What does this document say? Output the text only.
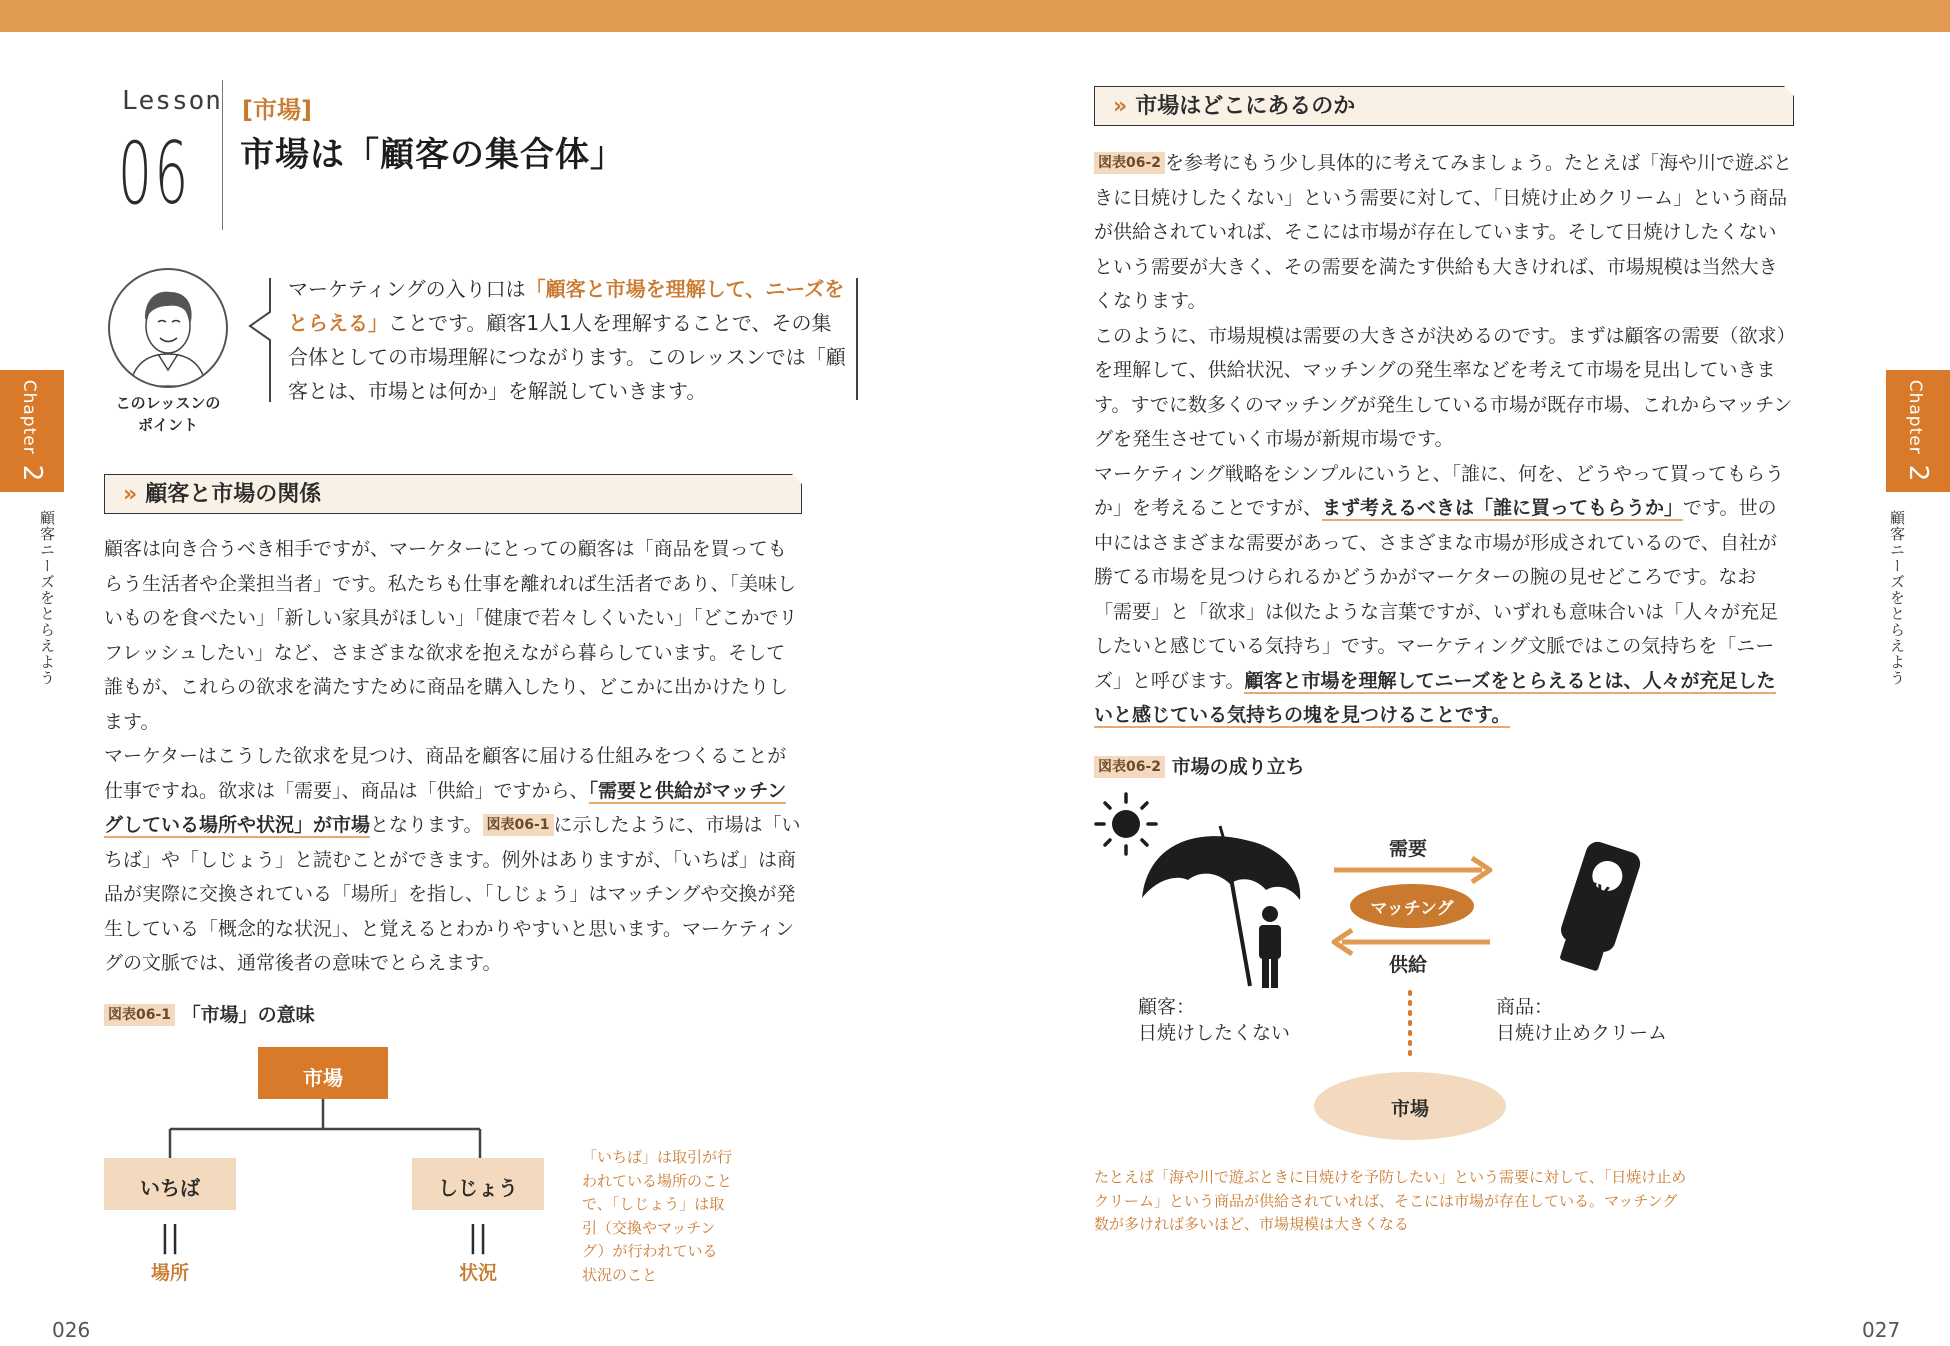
Lesson
06
[市場]
市場は「顧客の集合体」
このレッスンの
ポイント
マーケティングの入り口は「顧客と市場を理解して、ニーズをとらえる」ことです。顧客1人1人を理解することで、その集合体としての市場理解につながります。このレッスンでは「顧客とは、市場とは何か」を解説していきます。
» 顧客と市場の関係

顧客は向き合うべき相手ですが、マーケターにとっての顧客は「商品を買ってもらう生活者や企業担当者」です。私たちも仕事を離れれば生活者であり、「美味しいものを食べたい」「新しい家具がほしい」「健康で若々しくいたい」「どこかでリフレッシュしたい」など、さまざまな欲求を抱えながら暮らしています。そして誰もが、これらの欲求を満たすために商品を購入したり、どこかに出かけたりします。

マーケターはこうした欲求を見つけ、商品を顧客に届ける仕組みをつくることが仕事ですね。欲求は「需要」、商品は「供給」ですから、「需要と供給がマッチングしている場所や状況」が市場となります。 図表06-1 に示したように、市場は「いちば」や「しじょう」と読むことができます。例外はありますが、「いちば」は商品が実際に交換されている「場所」を指し、「しじょう」はマッチングや交換が発生している「概念的な状況」、と覚えるとわかりやすいと思います。マーケティングの文脈では、通常後者の意味でとらえます。

図表06-1 「市場」の意味
市場
いちば	しじょう
||	||
場所	状況
「いちば」は取引が行われている場所のことで、「しじょう」は取引（交換やマッチング）が行われている状況のこと
026
Chapter2
顧客ニーズをとらえよう
» 市場はどこにあるのか

図表06-2 を参考にもう少し具体的に考えてみましょう。たとえば「海や川で遊ぶときに日焼けしたくない」という需要に対して、「日焼け止めクリーム」という商品が供給されていれば、そこには市場が存在しています。そして日焼けしたくないという需要が大きく、その需要を満たす供給も大きければ、市場規模は当然大きくなります。

このように、市場規模は需要の大きさが決めるのです。まずは顧客の需要（欲求）を理解して、供給状況、マッチングの発生率などを考えて市場を見出していきます。すでに数多くのマッチングが発生している市場が既存市場、これからマッチングを発生させていく市場が新規市場です。

マーケティング戦略をシンプルにいうと、「誰に、何を、どうやって買ってもらうか」を考えることですが、まず考えるべきは「誰に買ってもらうか」です。世の中にはさまざまな需要があって、さまざまな市場が形成されているので、自社が勝てる市場を見つけられるかどうかがマーケターの腕の見せどころです。なお「需要」と「欲求」は似たような言葉ですが、いずれも意味合いは「人々が充足したいと感じている気持ち」です。マーケティング文脈ではこの気持ちを「ニーズ」と呼びます。顧客と市場を理解してニーズをとらえるとは、人々が充足したいと感じている気持ちの塊を見つけることです。

図表06-2 市場の成り立ち
需要
マッチング
供給
UV
顧客：
日焼けしたくない
商品：
日焼け止めクリーム
市場
たとえば「海や川で遊ぶときに日焼けを予防したい」という需要に対して、「日焼け止めクリーム」という商品が供給されていれば、そこには市場が存在している。マッチング数が多ければ多いほど、市場規模は大きくなる
027
Chapter2
顧客ニーズをとらえよう
